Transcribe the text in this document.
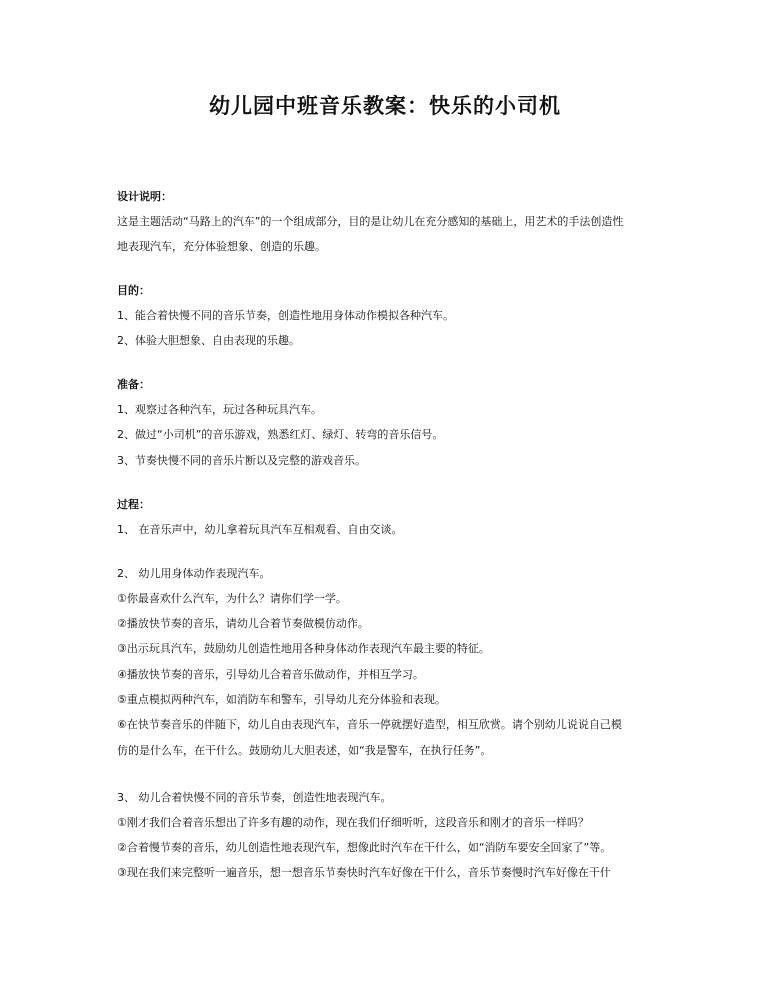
幼儿园中班音乐教案：快乐的小司机
设计说明：
这是主题活动“马路上的汽车”的一个组成部分，目的是让幼儿在充分感知的基础上，用艺术的手法创造性
地表现汽车，充分体验想象、创造的乐趣。
目的：
1、能合着快慢不同的音乐节奏，创造性地用身体动作模拟各种汽车。
2、体验大胆想象、自由表现的乐趣。
准备：
1、观察过各种汽车，玩过各种玩具汽车。
2、做过“小司机”的音乐游戏，熟悉红灯、绿灯、转弯的音乐信号。
3、节奏快慢不同的音乐片断以及完整的游戏音乐。
过程：
1、 在音乐声中，幼儿拿着玩具汽车互相观看、自由交谈。
2、 幼儿用身体动作表现汽车。
①你最喜欢什么汽车，为什么？请你们学一学。
②播放快节奏的音乐，请幼儿合着节奏做模仿动作。
③出示玩具汽车，鼓励幼儿创造性地用各种身体动作表现汽车最主要的特征。
④播放快节奏的音乐，引导幼儿合着音乐做动作，并相互学习。
⑤重点模拟两种汽车，如消防车和警车，引导幼儿充分体验和表现。
⑥在快节奏音乐的伴随下，幼儿自由表现汽车，音乐一停就摆好造型，相互欣赏。请个别幼儿说说自己模
仿的是什么车，在干什么。鼓励幼儿大胆表述，如“我是警车，在执行任务”。
3、 幼儿合着快慢不同的音乐节奏，创造性地表现汽车。
①刚才我们合着音乐想出了许多有趣的动作，现在我们仔细听听，这段音乐和刚才的音乐一样吗？
②合着慢节奏的音乐，幼儿创造性地表现汽车，想像此时汽车在干什么，如“消防车要安全回家了”等。
③现在我们来完整听一遍音乐，想一想音乐节奏快时汽车好像在干什么，音乐节奏慢时汽车好像在干什
